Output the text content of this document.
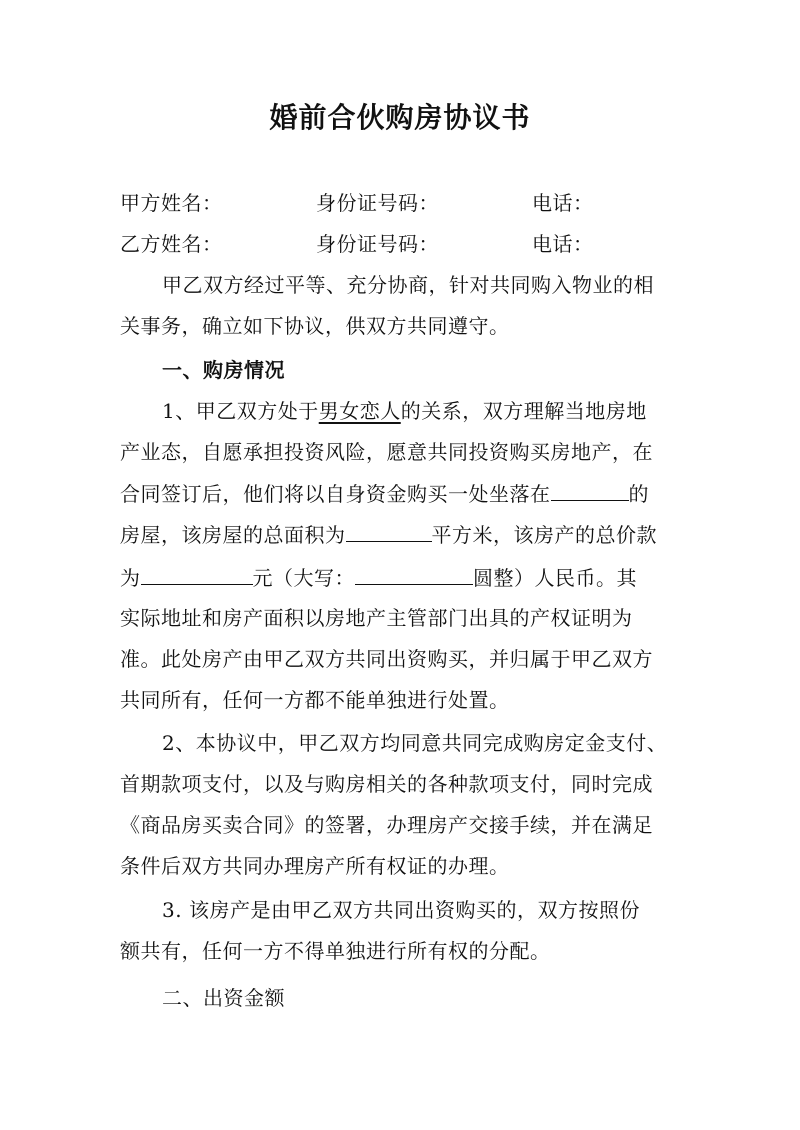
婚前合伙购房协议书
甲方姓名：	身份证号码：	电话：
乙方姓名：	身份证号码：	电话：
甲乙双方经过平等、充分协商，针对共同购入物业的相
关事务，确立如下协议，供双方共同遵守。
一、购房情况
1、甲乙双方处于男女恋人的关系，双方理解当地房地
产业态，自愿承担投资风险，愿意共同投资购买房地产，在
合同签订后，他们将以自身资金购买一处坐落在	的
房屋，该房屋的总面积为	平方米，该房产的总价款
为	元（大写：	圆整）人民币。其
实际地址和房产面积以房地产主管部门出具的产权证明为
准。此处房产由甲乙双方共同出资购买，并归属于甲乙双方
共同所有，任何一方都不能单独进行处置。
2、本协议中，甲乙双方均同意共同完成购房定金支付、
首期款项支付，以及与购房相关的各种款项支付，同时完成
《商品房买卖合同》的签署，办理房产交接手续，并在满足
条件后双方共同办理房产所有权证的办理。
3. 该房产是由甲乙双方共同出资购买的，双方按照份
额共有，任何一方不得单独进行所有权的分配。
二、出资金额
